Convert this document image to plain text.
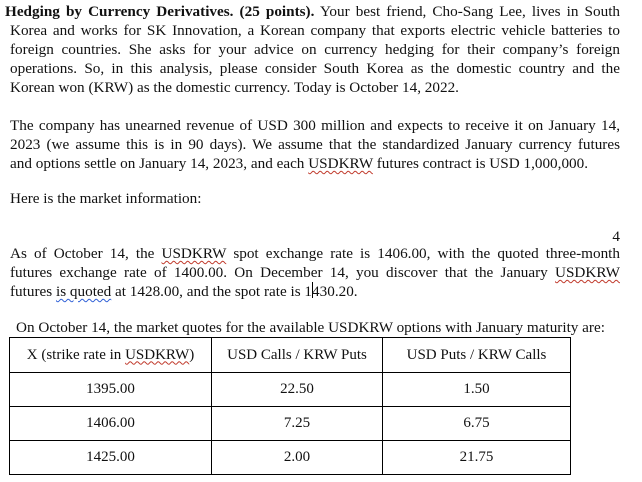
Hedging by Currency Derivatives. (25 points). Your best friend, Cho-Sang Lee, lives in South
Korea and works for SK Innovation, a Korean company that exports electric vehicle batteries to
foreign countries. She asks for your advice on currency hedging for their company’s foreign
operations. So, in this analysis, please consider South Korea as the domestic country and the
Korean won (KRW) as the domestic currency. Today is October 14, 2022.

The company has unearned revenue of USD 300 million and expects to receive it on January 14,
2023 (we assume this is in 90 days). We assume that the standardized January currency futures
and options settle on January 14, 2023, and each USDKRW futures contract is USD 1,000,000.

Here is the market information:

4

As of October 14, the USDKRW spot exchange rate is 1406.00, with the quoted three-month
futures exchange rate of 1400.00. On December 14, you discover that the January USDKRW
futures is quoted at 1428.00, and the spot rate is 1430.20.

On October 14, the market quotes for the available USDKRW options with January maturity are:
X (strike rate in USDKRW)	USD Calls / KRW Puts	USD Puts / KRW Calls
1395.00	22.50	1.50
1406.00	7.25	6.75
1425.00	2.00	21.75
